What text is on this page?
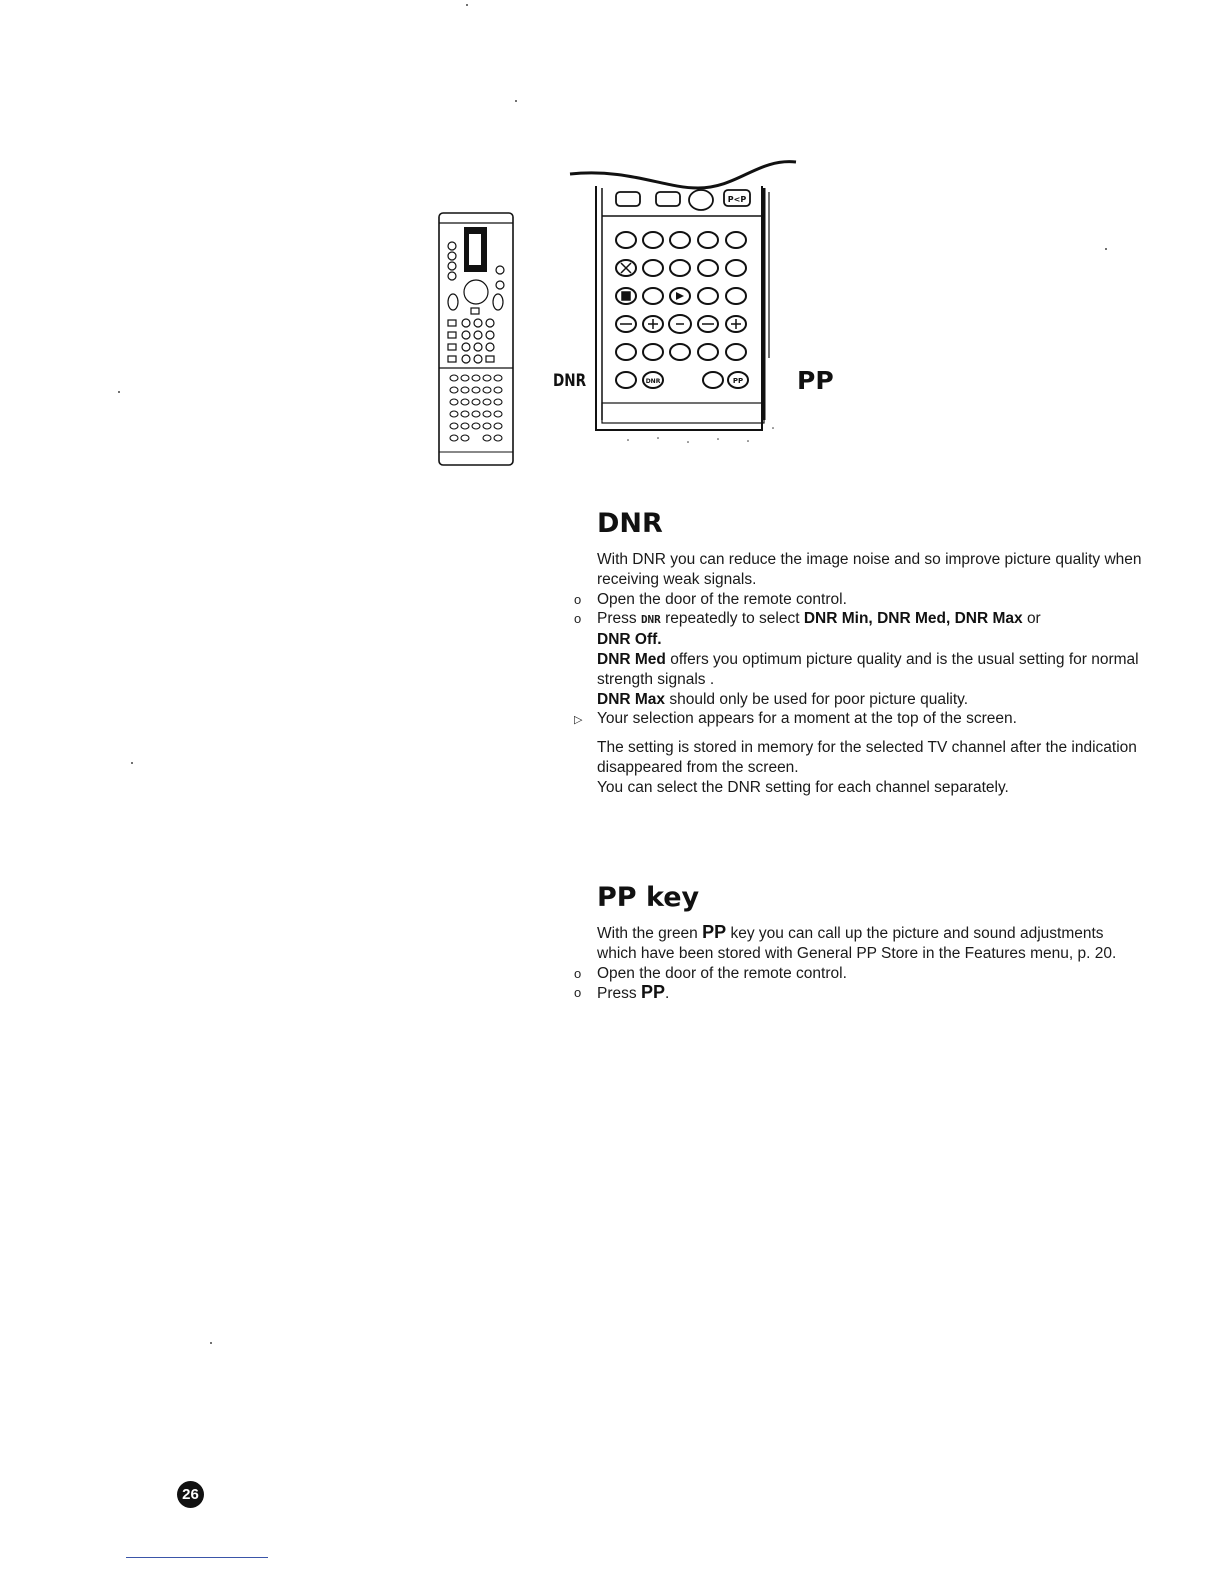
P<P
DNR	PP
DNR	PP
DNR

With DNR you can reduce the image noise and so improve picture quality when receiving weak signals.

o Open the door of the remote control.
o Press DNR repeatedly to select DNR Min, DNR Med, DNR Max or
DNR Off.
DNR Med offers you optimum picture quality and is the usual setting for normal strength signals .
DNR Max should only be used for poor picture quality.
▷ Your selection appears for a moment at the top of the screen.

The setting is stored in memory for the selected TV channel after the indication disappeared from the screen.

You can select the DNR setting for each channel separately.

PP key

With the green PP key you can call up the picture and sound adjustments which have been stored with General PP Store in the Features menu, p. 20.

o Open the door of the remote control.
o Press PP.
26
